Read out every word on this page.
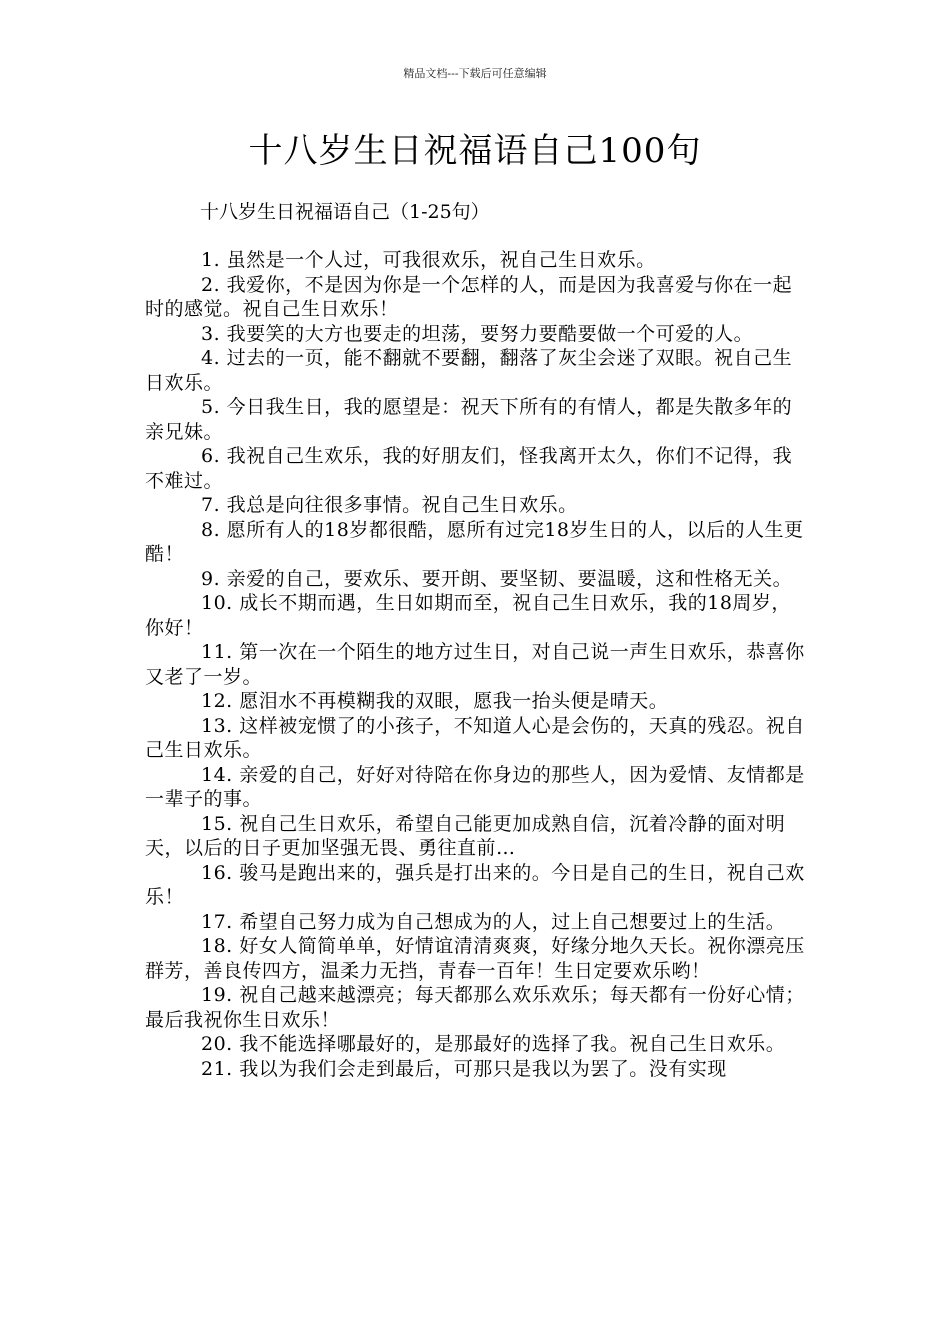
精品文档---下载后可任意编辑
十八岁生日祝福语自己100句
十八岁生日祝福语自己（1-25句）
1. 虽然是一个人过，可我很欢乐，祝自己生日欢乐。
2. 我爱你，不是因为你是一个怎样的人，而是因为我喜爱与你在一起时的感觉。祝自己生日欢乐！
3. 我要笑的大方也要走的坦荡，要努力要酷要做一个可爱的人。
4. 过去的一页，能不翻就不要翻，翻落了灰尘会迷了双眼。祝自己生日欢乐。
5. 今日我生日，我的愿望是：祝天下所有的有情人，都是失散多年的亲兄妹。
6. 我祝自己生欢乐，我的好朋友们，怪我离开太久，你们不记得，我不难过。
7. 我总是向往很多事情。祝自己生日欢乐。
8. 愿所有人的18岁都很酷，愿所有过完18岁生日的人，以后的人生更酷！
9. 亲爱的自己，要欢乐、要开朗、要坚韧、要温暖，这和性格无关。
10. 成长不期而遇，生日如期而至，祝自己生日欢乐，我的18周岁，你好！
11. 第一次在一个陌生的地方过生日，对自己说一声生日欢乐，恭喜你又老了一岁。
12. 愿泪水不再模糊我的双眼，愿我一抬头便是晴天。
13. 这样被宠惯了的小孩子，不知道人心是会伤的，天真的残忍。祝自己生日欢乐。
14. 亲爱的自己，好好对待陪在你身边的那些人，因为爱情、友情都是一辈子的事。
15. 祝自己生日欢乐，希望自己能更加成熟自信，沉着冷静的面对明天，以后的日子更加坚强无畏、勇往直前…
16. 骏马是跑出来的，强兵是打出来的。今日是自己的生日，祝自己欢乐！
17. 希望自己努力成为自己想成为的人，过上自己想要过上的生活。
18. 好女人简简单单，好情谊清清爽爽，好缘分地久天长。祝你漂亮压群芳，善良传四方，温柔力无挡，青春一百年！生日定要欢乐哟！
19. 祝自己越来越漂亮；每天都那么欢乐欢乐；每天都有一份好心情；最后我祝你生日欢乐！
20. 我不能选择哪最好的，是那最好的选择了我。祝自己生日欢乐。
21. 我以为我们会走到最后，可那只是我以为罢了。没有实现
